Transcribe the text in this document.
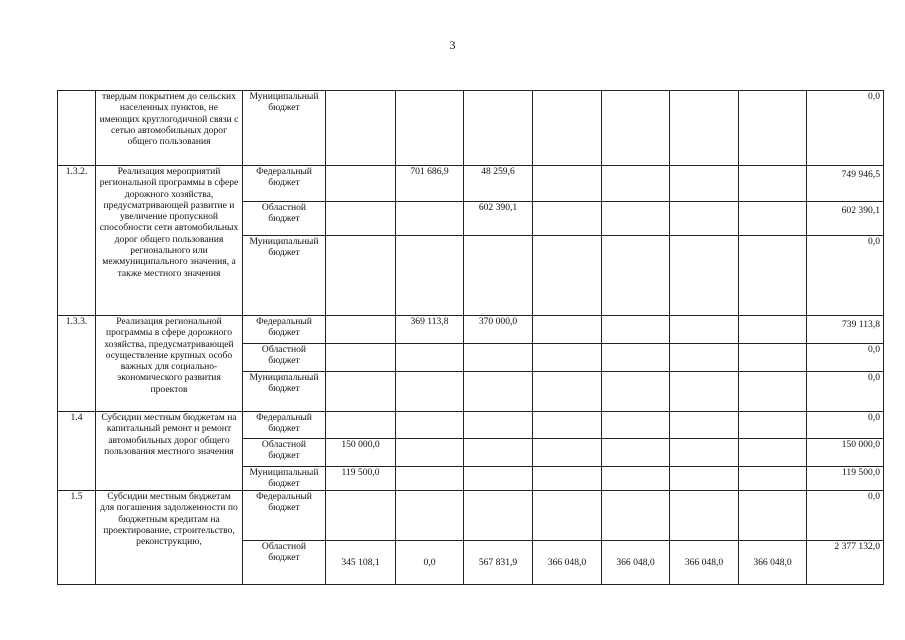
3
	твердым покрытием до сельских населенных пунктов, не имеющих круглогодичной связи с сетью автомобильных дорог общего пользования	Муниципальный бюджет								0,0
1.3.2.	Реализация мероприятий региональной программы в сфере дорожного хозяйства, предусматривающей развитие и увеличение пропускной способности сети автомобильных дорог общего пользования регионального или межмуниципального значения, а также местного значения	Федеральный бюджет		701 686,9	48 259,6					749 946,5
		Областной бюджет			602 390,1					602 390,1
		Муниципальный бюджет								0,0
1.3.3.	Реализация региональной программы в сфере дорожного хозяйства, предусматривающей осуществление крупных особо важных для социально-экономического развития проектов	Федеральный бюджет		369 113,8	370 000,0					739 113,8
		Областной бюджет								0,0
		Муниципальный бюджет								0,0
1.4	Субсидии местным бюджетам на капитальный ремонт и ремонт автомобильных дорог общего пользования местного значения	Федеральный бюджет								0,0
		Областной бюджет	150 000,0							150 000,0
		Муниципальный бюджет	119 500,0							119 500,0
1.5	Субсидии местным бюджетам для погашения задолженности по бюджетным кредитам на проектирование, строительство, реконструкцию,	Федеральный бюджет								0,0
		Областной бюджет	345 108,1	0,0	567 831,9	366 048,0	366 048,0	366 048,0	366 048,0	2 377 132,0
